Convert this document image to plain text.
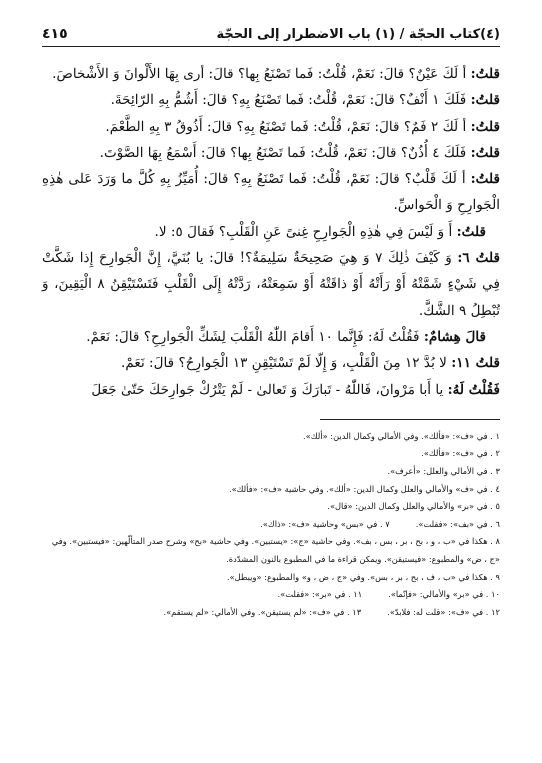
(٤)كتاب الحجّة / (١) باب الاضطرار إلى الحجّة
٤١٥

قلتُ: أ لَكَ عَيْنٌ؟ قالَ: نَعَمْ، قُلْتُ: فَما تَصْنَعُ بِها؟ قالَ: أرى بِهَا الأَلْوانَ وَ الأَشْخاصَ.

قلتُ: فَلَكَ ١ أَنْفٌ؟ قالَ: نَعَمْ، قُلْتُ: فَما تَصْنَعُ بِهِ؟ قالَ: أَشُمُّ بِهِ الرّائِحَةَ.

قلتُ: أ لَكَ ٢ فَمٌ؟ قالَ: نَعَمْ، قُلْتُ: فَما تَصْنَعُ بِهِ؟ قالَ: أَذُوقُ ٣ بِهِ الطَّعْمَ.

قلتُ: فَلَكَ ٤ أُذُنٌ؟ قالَ: نَعَمْ، قُلْتُ: فَما تَصْنَعُ بِها؟ قالَ: أَسْمَعُ بِهَا الصَّوْتَ.

قلتُ: أ لَكَ قَلْبٌ؟ قالَ: نَعَمْ، قُلْتُ: فَما تَصْنَعُ بِهِ؟ قالَ: أُمَيِّزُ بِهِ كُلَّ ما وَرَدَ عَلى هٰذِهِ الْجَوارِحِ وَ الْحَواسِّ.

قلتُ: أَ وَ لَيْسَ فِي هٰذِهِ الْجَوارِحِ غِنىً عَنِ الْقَلْبِ؟ فَقالَ ٥: لا.

قلتُ ٦: وَ كَيْفَ ذٰلِكَ ٧ وَ هِيَ صَحِيحَةٌ سَلِيمَةٌ؟! قالَ: يا بُنَيَّ، إِنَّ الْجَوارِحَ إِذا شَكَّتْ فِي شَيْءٍ شَمَّتْهُ أَوْ رَأَتْهُ أَوْ ذاقَتْهُ أَوْ سَمِعَتْهُ، رَدَّتْهُ إِلَى الْقَلْبِ فَتَسْتَيْقِنُ ٨ الْيَقِينَ، وَ تُبْطِلُ ٩ الشَّكَّ.

قالَ هِشامٌ: فَقُلْتُ لَهُ: فَإِنَّما ١٠ أَقامَ اللّٰهُ الْقَلْبَ لِشَكِّ الْجَوارِحِ؟ قالَ: نَعَمْ.

قلتُ ١١: لا بُدَّ ١٢ مِنَ الْقَلْبِ، وَ إِلّا لَمْ تَسْتَيْقِنِ ١٣ الْجَوارِحُ؟ قالَ: نَعَمْ.

فَقُلْتُ لَهُ: يا أَبا مَرْوانَ، فَاللّٰهُ - تَبارَكَ وَ تَعالىٰ - لَمْ يَتْرُكْ جَوارِحَكَ حَتّىٰ جَعَلَ

١ . في «ف»: «فألك». وفي الأمالي وكمال الدين: «ألك».

٢ . في «ف»: «فألك».

٣ . في الأمالي والعلل: «أعرف».

٤ . في «ف» والأمالي والعلل وكمال الدين: «ألك». وفي حاشية «ف»: «فألك».

٥ . في «بر» والأمالي والعلل وكمال الدين: «قال».

٦ . في «بف»: «فقلت».
٧ . في «بس» وحاشية «ف»: «ذاك».

٨ . هكذا في «ب ، و ، بح ، بر ، بس ، بف». وفي حاشية «ج»: «يستبين». وفي حاشية «بح» وشرح صدر المتألّهين: «فيستبين». وفي «ج ، ض» والمطبوع: «فيستيقن». ويمكن قراءة ما في المطبوع بالنون المشدّدة.

٩ . هكذا في «ب ، ف ، بح ، بر ، بس». وفي «ج ، ض ، و» والمطبوع: «ويبطل».

١٠ . في «بر» والأمالي: «فإنّما».
١١ . في «بر»: «فقلت».
١٢ . في «ف»: «قلت له: فلابدّ».
١٣ . في «ف»: «لم يستيقن». وفي الأمالي: «لم يستقم».
